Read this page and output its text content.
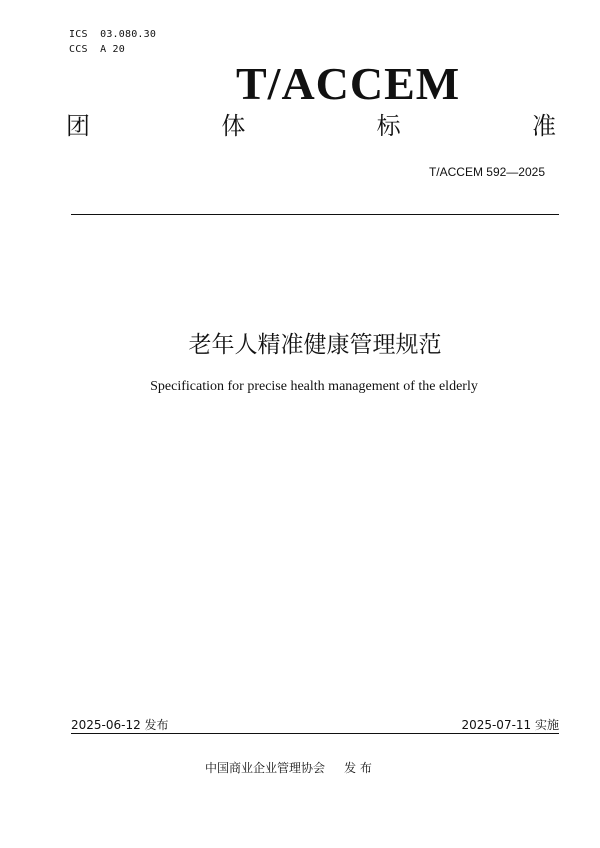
ICS  03.080.30
CCS  A 20
T/ACCEM
团	体	标	准
T/ACCEM 592—2025
老年人精准健康管理规范
Specification for precise health management of the elderly
2025-06-12 发布	2025-07-11 实施
中国商业企业管理协会     发 布
